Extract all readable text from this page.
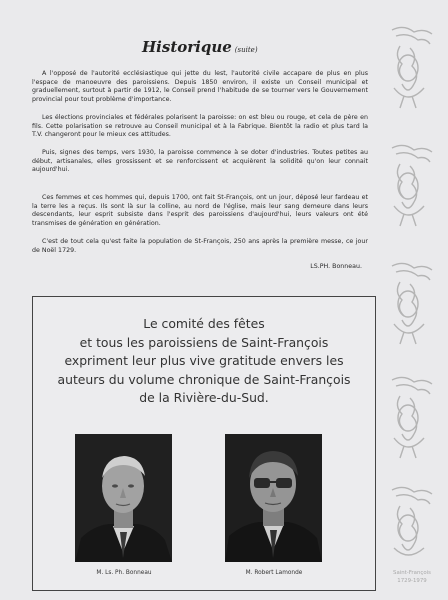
Historique (suite)

A l'opposé de l'autorité ecclésiastique qui jette du lest, l'autorité civile accapare de plus en plus l'espace de manoeuvre des paroissiens. Depuis 1850 environ, il existe un Conseil municipal et graduellement, surtout à partir de 1912, le Conseil prend l'habitude de se tourner vers le Gouvernement provincial pour tout problème d'importance.

Les élections provinciales et fédérales polarisent la paroisse: on est bleu ou rouge, et cela de père en fils. Cette polarisation se retrouve au Conseil municipal et à la Fabrique. Bientôt la radio et plus tard la T.V. changeront pour le mieux ces attitudes.

Puis, signes des temps, vers 1930, la paroisse commence à se doter d'industries. Toutes petites au début, artisanales, elles grossissent et se renforcissent et acquièrent la solidité qu'on leur connait aujourd'hui.

Ces femmes et ces hommes qui, depuis 1700, ont fait St-François, ont un jour, déposé leur fardeau et la terre les a reçus. Ils sont là sur la colline, au nord de l'église, mais leur sang demeure dans leurs descendants, leur esprit subsiste dans l'esprit des paroissiens d'aujourd'hui, leurs valeurs ont été transmises de génération en génération.

C'est de tout cela qu'est faite la population de St-François, 250 ans après la première messe, ce jour de Noël 1729.

LS.PH. Bonneau.
Le comité des fêtes
et tous les paroissiens de Saint-François
expriment leur plus vive gratitude envers les
auteurs du volume chronique de Saint-François
de la Rivière-du-Sud.
M. Ls. Ph. Bonneau	M. Robert Lamonde	Saint-François
1729-1979
